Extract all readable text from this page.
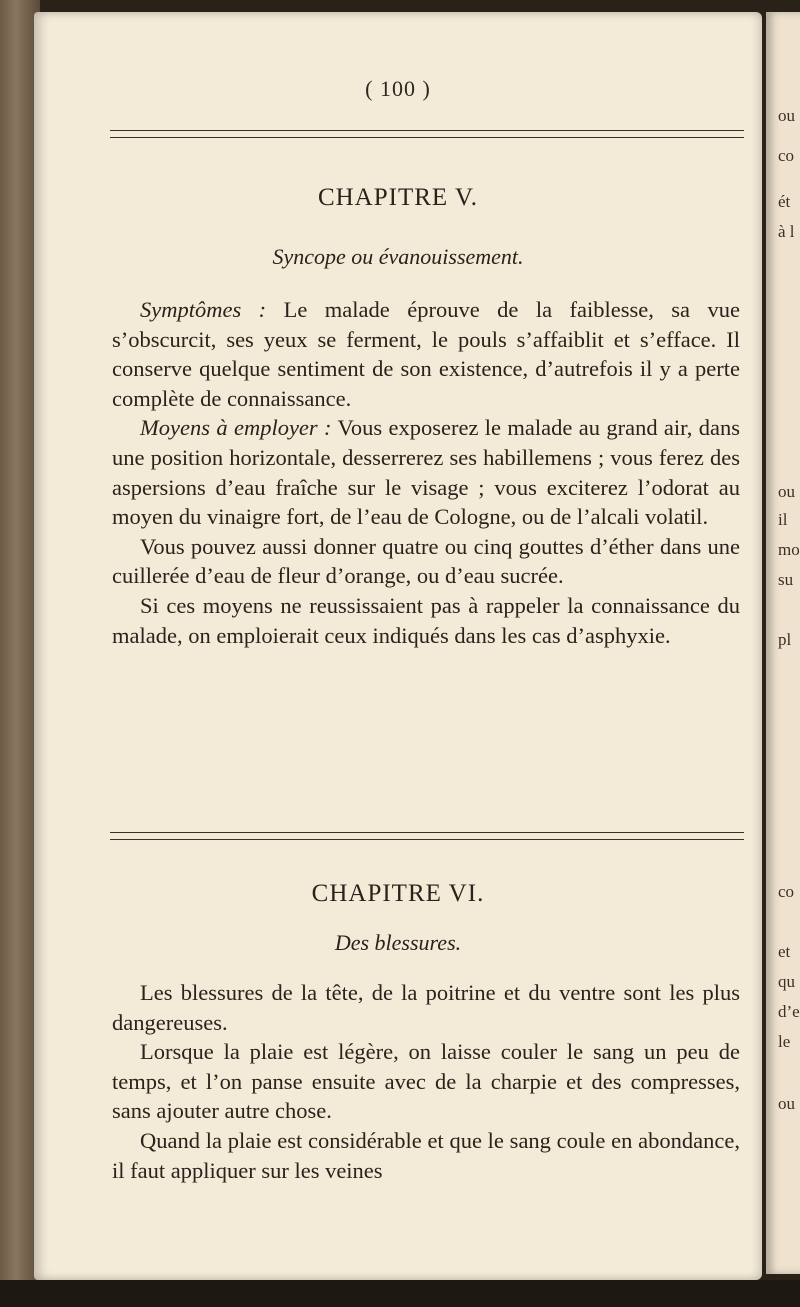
ou
co
ét
à l
ou
il
mo
su
pl
co
et
qu
d’e
le
ou
( 100 )
CHAPITRE V.
Syncope ou évanouissement.

Symptômes : Le malade éprouve de la faiblesse, sa vue s’obscurcit, ses yeux se ferment, le pouls s’affaiblit et s’efface. Il conserve quelque sentiment de son existence, d’autrefois il y a perte complète de connaissance.

Moyens à employer : Vous exposerez le malade au grand air, dans une position horizontale, desserrerez ses habillemens ; vous ferez des aspersions d’eau fraîche sur le visage ; vous exciterez l’odorat au moyen du vinaigre fort, de l’eau de Cologne, ou de l’alcali volatil.

Vous pouvez aussi donner quatre ou cinq gouttes d’éther dans une cuillerée d’eau de fleur d’orange, ou d’eau sucrée.

Si ces moyens ne reussissaient pas à rappeler la connaissance du malade, on emploierait ceux indiqués dans les cas d’asphyxie.

CHAPITRE VI.
Des blessures.

Les blessures de la tête, de la poitrine et du ventre sont les plus dangereuses.

Lorsque la plaie est légère, on laisse couler le sang un peu de temps, et l’on panse ensuite avec de la charpie et des compresses, sans ajouter autre chose.

Quand la plaie est considérable et que le sang coule en abondance, il faut appliquer sur les veines
